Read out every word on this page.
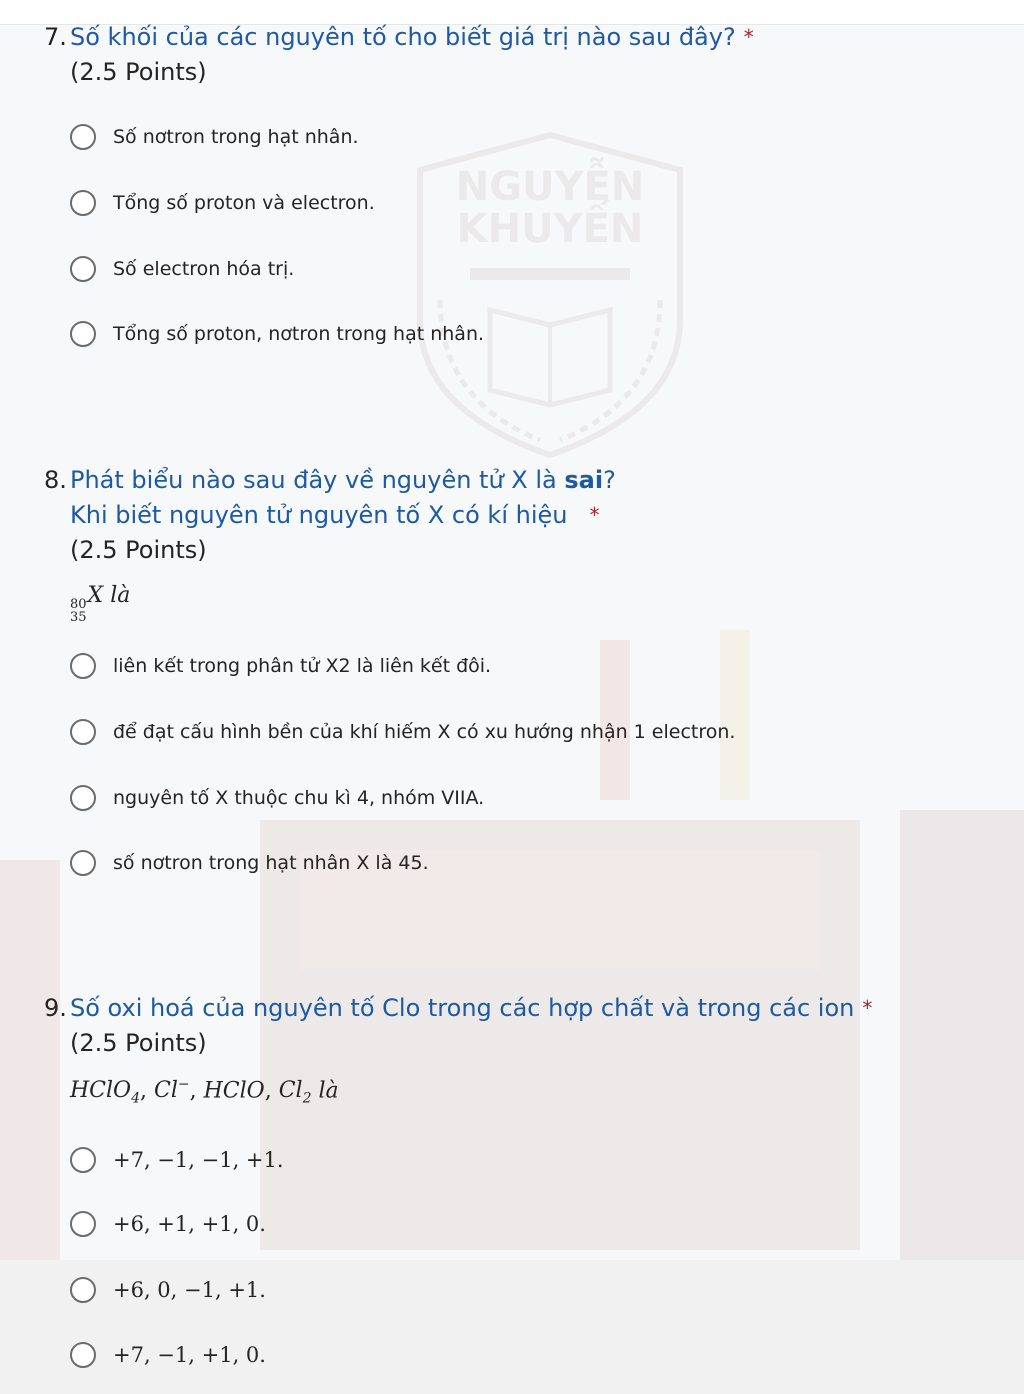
NGUYỄN
KHUYẾN
7. Số khối của các nguyên tố cho biết giá trị nào sau đây? *
(2.5 Points)
Số nơtron trong hạt nhân.
Tổng số proton và electron.
Số electron hóa trị.
Tổng số proton, nơtron trong hạt nhân.
8. Phát biểu nào sau đây về nguyên tử X là sai?
Khi biết nguyên tử nguyên tố X có kí hiệu *
(2.5 Points)
80
35
X là
liên kết trong phân tử X2 là liên kết đôi.
để đạt cấu hình bền của khí hiếm X có xu hướng nhận 1 electron.
nguyên tố X thuộc chu kì 4, nhóm VIIA.
số nơtron trong hạt nhân X là 45.
9. Số oxi hoá của nguyên tố Clo trong các hợp chất và trong các ion *
(2.5 Points)
HClO$_4$, Cl−, HClO, $Cl_2$ là
+7, −1, −1, +1.
+6, +1, +1, 0.
+6, 0, −1, +1.
+7, −1, +1, 0.
